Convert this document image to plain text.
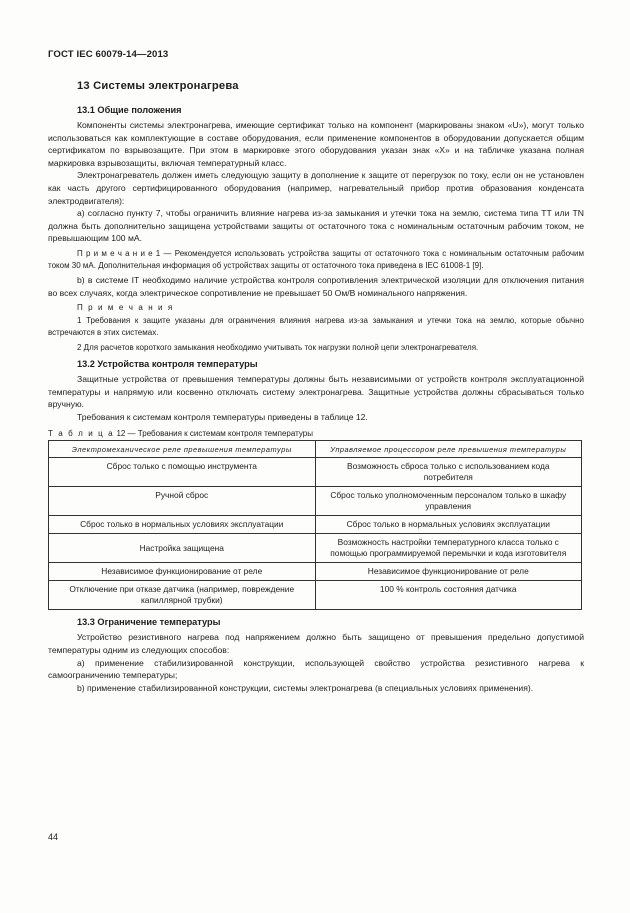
ГОСТ IEC 60079-14—2013
13 Системы электронагрева
13.1 Общие положения

Компоненты системы электронагрева, имеющие сертификат только на компонент (маркированы знаком «U»), могут только использоваться как комплектующие в составе оборудования, если применение компонентов в оборудовании допускается общим сертификатом по взрывозащите. При этом в маркировке этого оборудования указан знак «X» и на табличке указана полная маркировка взрывозащиты, включая температурный класс.

Электронагреватель должен иметь следующую защиту в дополнение к защите от перегрузок по току, если он не установлен как часть другого сертифицированного оборудования (например, нагревательный прибор против образования конденсата электродвигателя):

a) согласно пункту 7, чтобы ограничить влияние нагрева из-за замыкания и утечки тока на землю, система типа TT или TN должна быть дополнительно защищена устройствами защиты от остаточного тока с номинальным остаточным рабочим током, не превышающим 100 мА.

П р и м е ч а н и е 1 — Рекомендуется использовать устройства защиты от остаточного тока с номинальным остаточным рабочим током 30 мА. Дополнительная информация об устройствах защиты от остаточного тока приведена в IEC 61008-1 [9].

b) в системе IT необходимо наличие устройства контроля сопротивления электрической изоляции для отключения питания во всех случаях, когда электрическое сопротивление не превышает 50 Ом/В номинального напряжения.

П р и м е ч а н и я
1 Требования к защите указаны для ограничения влияния нагрева из-за замыкания и утечки тока на землю, которые обычно встречаются в этих системах.
2 Для расчетов короткого замыкания необходимо учитывать ток нагрузки полной цепи электронагревателя.
13.2 Устройства контроля температуры

Защитные устройства от превышения температуры должны быть независимыми от устройств контроля эксплуатационной температуры и напрямую или косвенно отключать систему электронагрева. Защитные устройства должны сбрасываться только вручную.

Требования к системам контроля температуры приведены в таблице 12.

Т а б л и ц а 12 — Требования к системам контроля температуры
Электромеханическое реле превышения температуры	Управляемое процессором реле превышения температуры
Сброс только с помощью инструмента	Возможность сброса только с использованием кода потребителя
Ручной сброс	Сброс только уполномоченным персоналом только в шкафу управления
Сброс только в нормальных условиях эксплуатации	Сброс только в нормальных условиях эксплуатации
Настройка защищена	Возможность настройки температурного класса только с помощью программируемой перемычки и кода изготовителя
Независимое функционирование от реле	Независимое функционирование от реле
Отключение при отказе датчика (например, повреждение капиллярной трубки)	100 % контроль состояния датчика
13.3 Ограничение температуры

Устройство резистивного нагрева под напряжением должно быть защищено от превышения предельно допустимой температуры одним из следующих способов:

a) применение стабилизированной конструкции, использующей свойство устройства резистивного нагрева к самоограничению температуры;

b) применение стабилизированной конструкции, системы электронагрева (в специальных условиях применения).

44
